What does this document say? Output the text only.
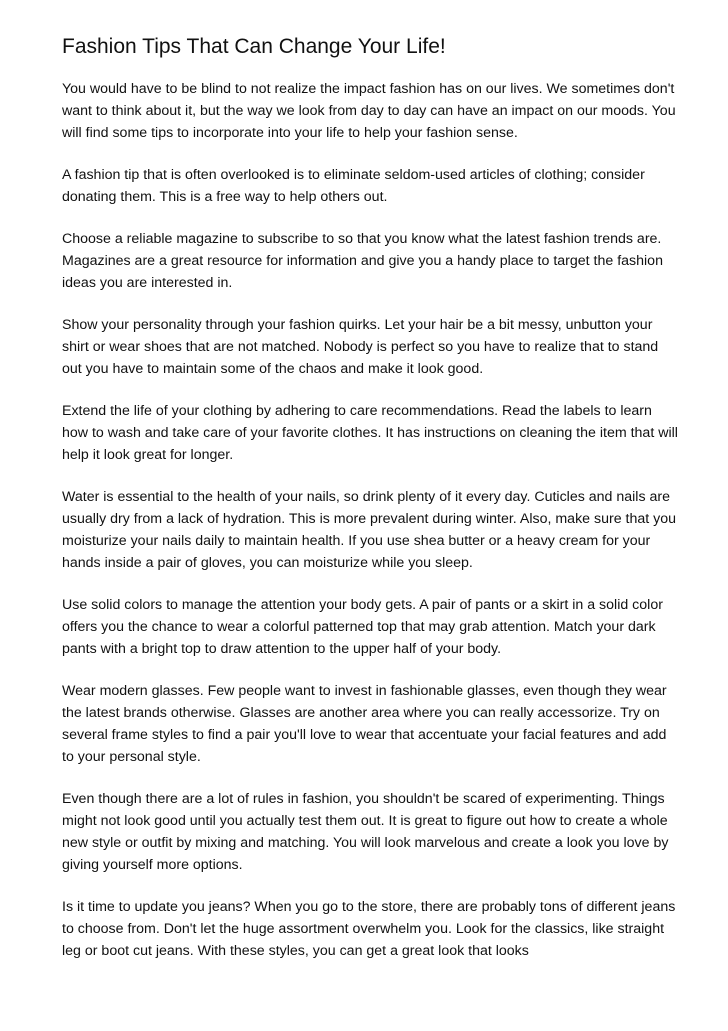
Fashion Tips That Can Change Your Life!

You would have to be blind to not realize the impact fashion has on our lives. We sometimes don't want to think about it, but the way we look from day to day can have an impact on our moods. You will find some tips to incorporate into your life to help your fashion sense.

A fashion tip that is often overlooked is to eliminate seldom-used articles of clothing; consider donating them. This is a free way to help others out.

Choose a reliable magazine to subscribe to so that you know what the latest fashion trends are. Magazines are a great resource for information and give you a handy place to target the fashion ideas you are interested in.

Show your personality through your fashion quirks. Let your hair be a bit messy, unbutton your shirt or wear shoes that are not matched. Nobody is perfect so you have to realize that to stand out you have to maintain some of the chaos and make it look good.

Extend the life of your clothing by adhering to care recommendations. Read the labels to learn how to wash and take care of your favorite clothes. It has instructions on cleaning the item that will help it look great for longer.

Water is essential to the health of your nails, so drink plenty of it every day. Cuticles and nails are usually dry from a lack of hydration. This is more prevalent during winter. Also, make sure that you moisturize your nails daily to maintain health. If you use shea butter or a heavy cream for your hands inside a pair of gloves, you can moisturize while you sleep.

Use solid colors to manage the attention your body gets. A pair of pants or a skirt in a solid color offers you the chance to wear a colorful patterned top that may grab attention. Match your dark pants with a bright top to draw attention to the upper half of your body.

Wear modern glasses. Few people want to invest in fashionable glasses, even though they wear the latest brands otherwise. Glasses are another area where you can really accessorize. Try on several frame styles to find a pair you'll love to wear that accentuate your facial features and add to your personal style.

Even though there are a lot of rules in fashion, you shouldn't be scared of experimenting. Things might not look good until you actually test them out. It is great to figure out how to create a whole new style or outfit by mixing and matching. You will look marvelous and create a look you love by giving yourself more options.

Is it time to update you jeans? When you go to the store, there are probably tons of different jeans to choose from. Don't let the huge assortment overwhelm you. Look for the classics, like straight leg or boot cut jeans. With these styles, you can get a great look that looks
